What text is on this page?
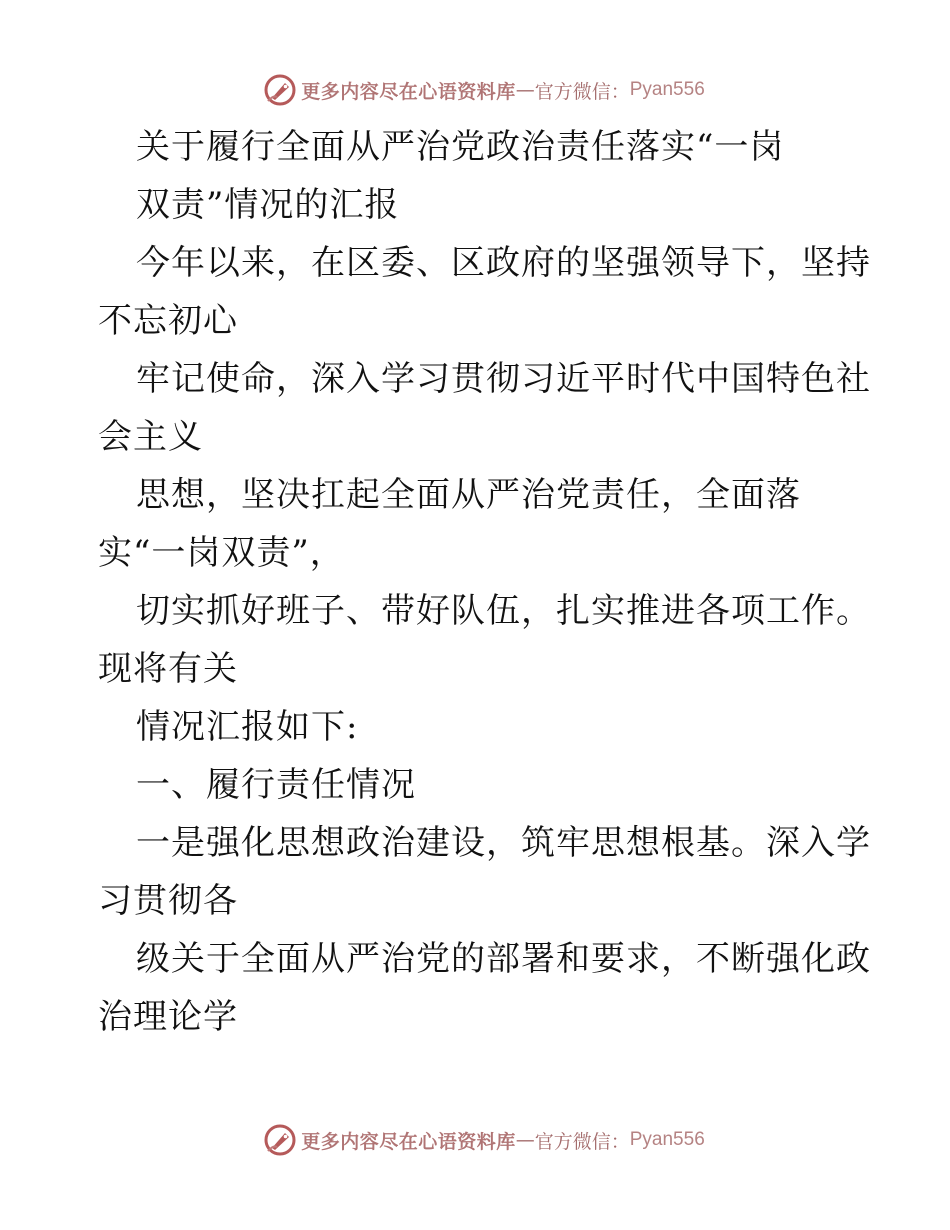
更多内容尽在心语资料库 — 官方微信： Pyan556
关于履行全面从严治党政治责任落实“一岗
双责”情况的汇报
今年以来，在区委、区政府的坚强领导下，坚持
不忘初心
牢记使命，深入学习贯彻习近平时代中国特色社
会主义
思想，坚决扛起全面从严治党责任，全面落
实“一岗双责”，
切实抓好班子、带好队伍，扎实推进各项工作。
现将有关
情况汇报如下:
一、履行责任情况
一是强化思想政治建设，筑牢思想根基。深入学
习贯彻各
级关于全面从严治党的部署和要求，不断强化政
治理论学
更多内容尽在心语资料库 — 官方微信： Pyan556
